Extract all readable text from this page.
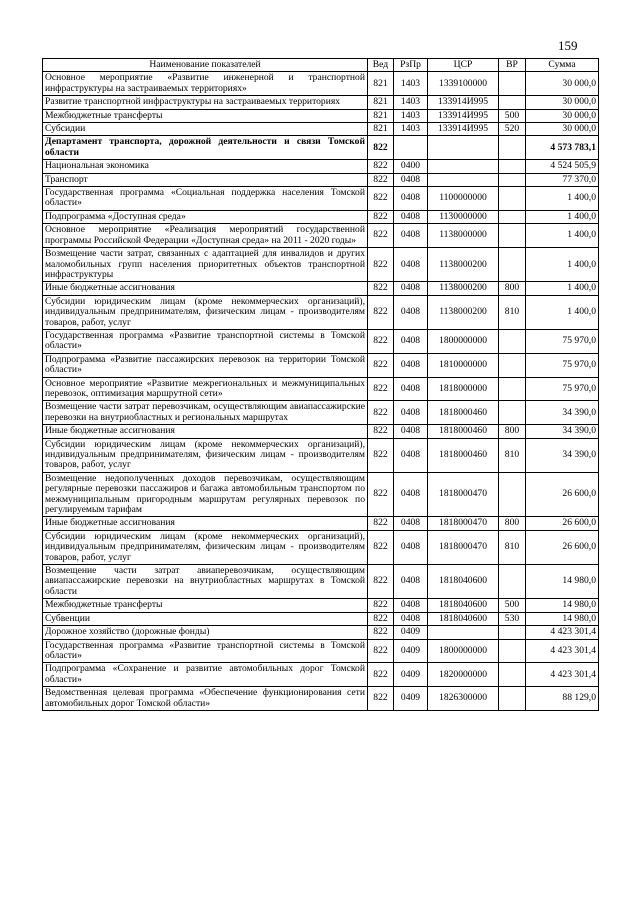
159
Наименование показателей	Вед	РзПр	ЦСР	ВР	Сумма
Основное мероприятие «Развитие инженерной и транспортной инфраструктуры на застраиваемых территориях»	821	1403	1339100000		30 000,0
Развитие транспортной инфраструктуры на застраиваемых территориях	821	1403	133914И995		30 000,0
Межбюджетные трансферты	821	1403	133914И995	500	30 000,0
Субсидии	821	1403	133914И995	520	30 000,0
Департамент транспорта, дорожной деятельности и связи Томской области	822				4 573 783,1
Национальная экономика	822	0400			4 524 505,9
Транспорт	822	0408			77 370,0
Государственная программа «Социальная поддержка населения Томской области»	822	0408	1100000000		1 400,0
Подпрограмма «Доступная среда»	822	0408	1130000000		1 400,0
Основное мероприятие «Реализация мероприятий государственной программы Российской Федерации «Доступная среда» на 2011 - 2020 годы»	822	0408	1138000000		1 400,0
Возмещение части затрат, связанных с адаптацией для инвалидов и других маломобильных групп населения приоритетных объектов транспортной инфраструктуры	822	0408	1138000200		1 400,0
Иные бюджетные ассигнования	822	0408	1138000200	800	1 400,0
Субсидии юридическим лицам (кроме некоммерческих организаций), индивидуальным предпринимателям, физическим лицам - производителям товаров, работ, услуг	822	0408	1138000200	810	1 400,0
Государственная программа «Развитие транспортной системы в Томской области»	822	0408	1800000000		75 970,0
Подпрограмма «Развитие пассажирских перевозок на территории Томской области»	822	0408	1810000000		75 970,0
Основное мероприятие «Развитие межрегиональных и межмуниципальных перевозок, оптимизация маршрутной сети»	822	0408	1818000000		75 970,0
Возмещение части затрат перевозчикам, осуществляющим авиапассажирские перевозки на внутриобластных и региональных маршрутах	822	0408	1818000460		34 390,0
Иные бюджетные ассигнования	822	0408	1818000460	800	34 390,0
Субсидии юридическим лицам (кроме некоммерческих организаций), индивидуальным предпринимателям, физическим лицам - производителям товаров, работ, услуг	822	0408	1818000460	810	34 390,0
Возмещение недополученных доходов перевозчикам, осуществляющим регулярные перевозки пассажиров и багажа автомобильным транспортом по межмуниципальным пригородным маршрутам регулярных перевозок по регулируемым тарифам	822	0408	1818000470		26 600,0
Иные бюджетные ассигнования	822	0408	1818000470	800	26 600,0
Субсидии юридическим лицам (кроме некоммерческих организаций), индивидуальным предпринимателям, физическим лицам - производителям товаров, работ, услуг	822	0408	1818000470	810	26 600,0
Возмещение части затрат авиаперевозчикам, осуществляющим авиапассажирские перевозки на внутриобластных маршрутах в Томской области	822	0408	1818040600		14 980,0
Межбюджетные трансферты	822	0408	1818040600	500	14 980,0
Субвенции	822	0408	1818040600	530	14 980,0
Дорожное хозяйство (дорожные фонды)	822	0409			4 423 301,4
Государственная программа «Развитие транспортной системы в Томской области»	822	0409	1800000000		4 423 301,4
Подпрограмма «Сохранение и развитие автомобильных дорог Томской области»	822	0409	1820000000		4 423 301,4
Ведомственная целевая программа «Обеспечение функционирования сети автомобильных дорог Томской области»	822	0409	1826300000		88 129,0
